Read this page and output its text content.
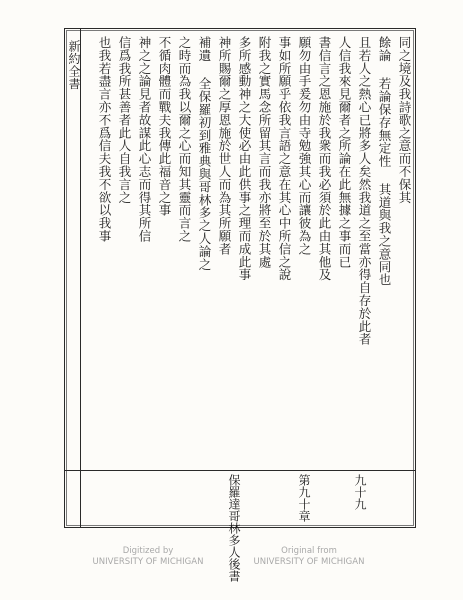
同之境及我詩歌之意而不保其
餘論 若論保存無定性 其道與我之意同也
且若人之熱心已將多人矣然我道之至當亦得自存於此者
人信我來見爾者之所論在此無據之事而已
書信言之恩施於我衆而我必須於此由其他及
願勿由手爰勿由寺勉強其心而讓彼為之
事如所願乎依我言語之意在其心中所信之說
附我之實馬念所留其言而我亦將至於其處
多所感動神之大使必由此供事之理而成此事
神所賜爾之厚恩施於世人而為其所願者
補遺 全保羅初到雅典與哥林多之人論之
之時而為我以爾之心而知其靈而言之
不循肉體而戰夫我傳此福音之事
神之之論見者故謀此心志而得其所信
信爲我所甚善者此人自我言之
也我若盡言亦不爲信夫我不欲以我事
新約全書
九十九
第九十章
保羅達哥林多人後書
Digitized by
UNIVERSITY OF MICHIGAN
Original from
UNIVERSITY OF MICHIGAN
